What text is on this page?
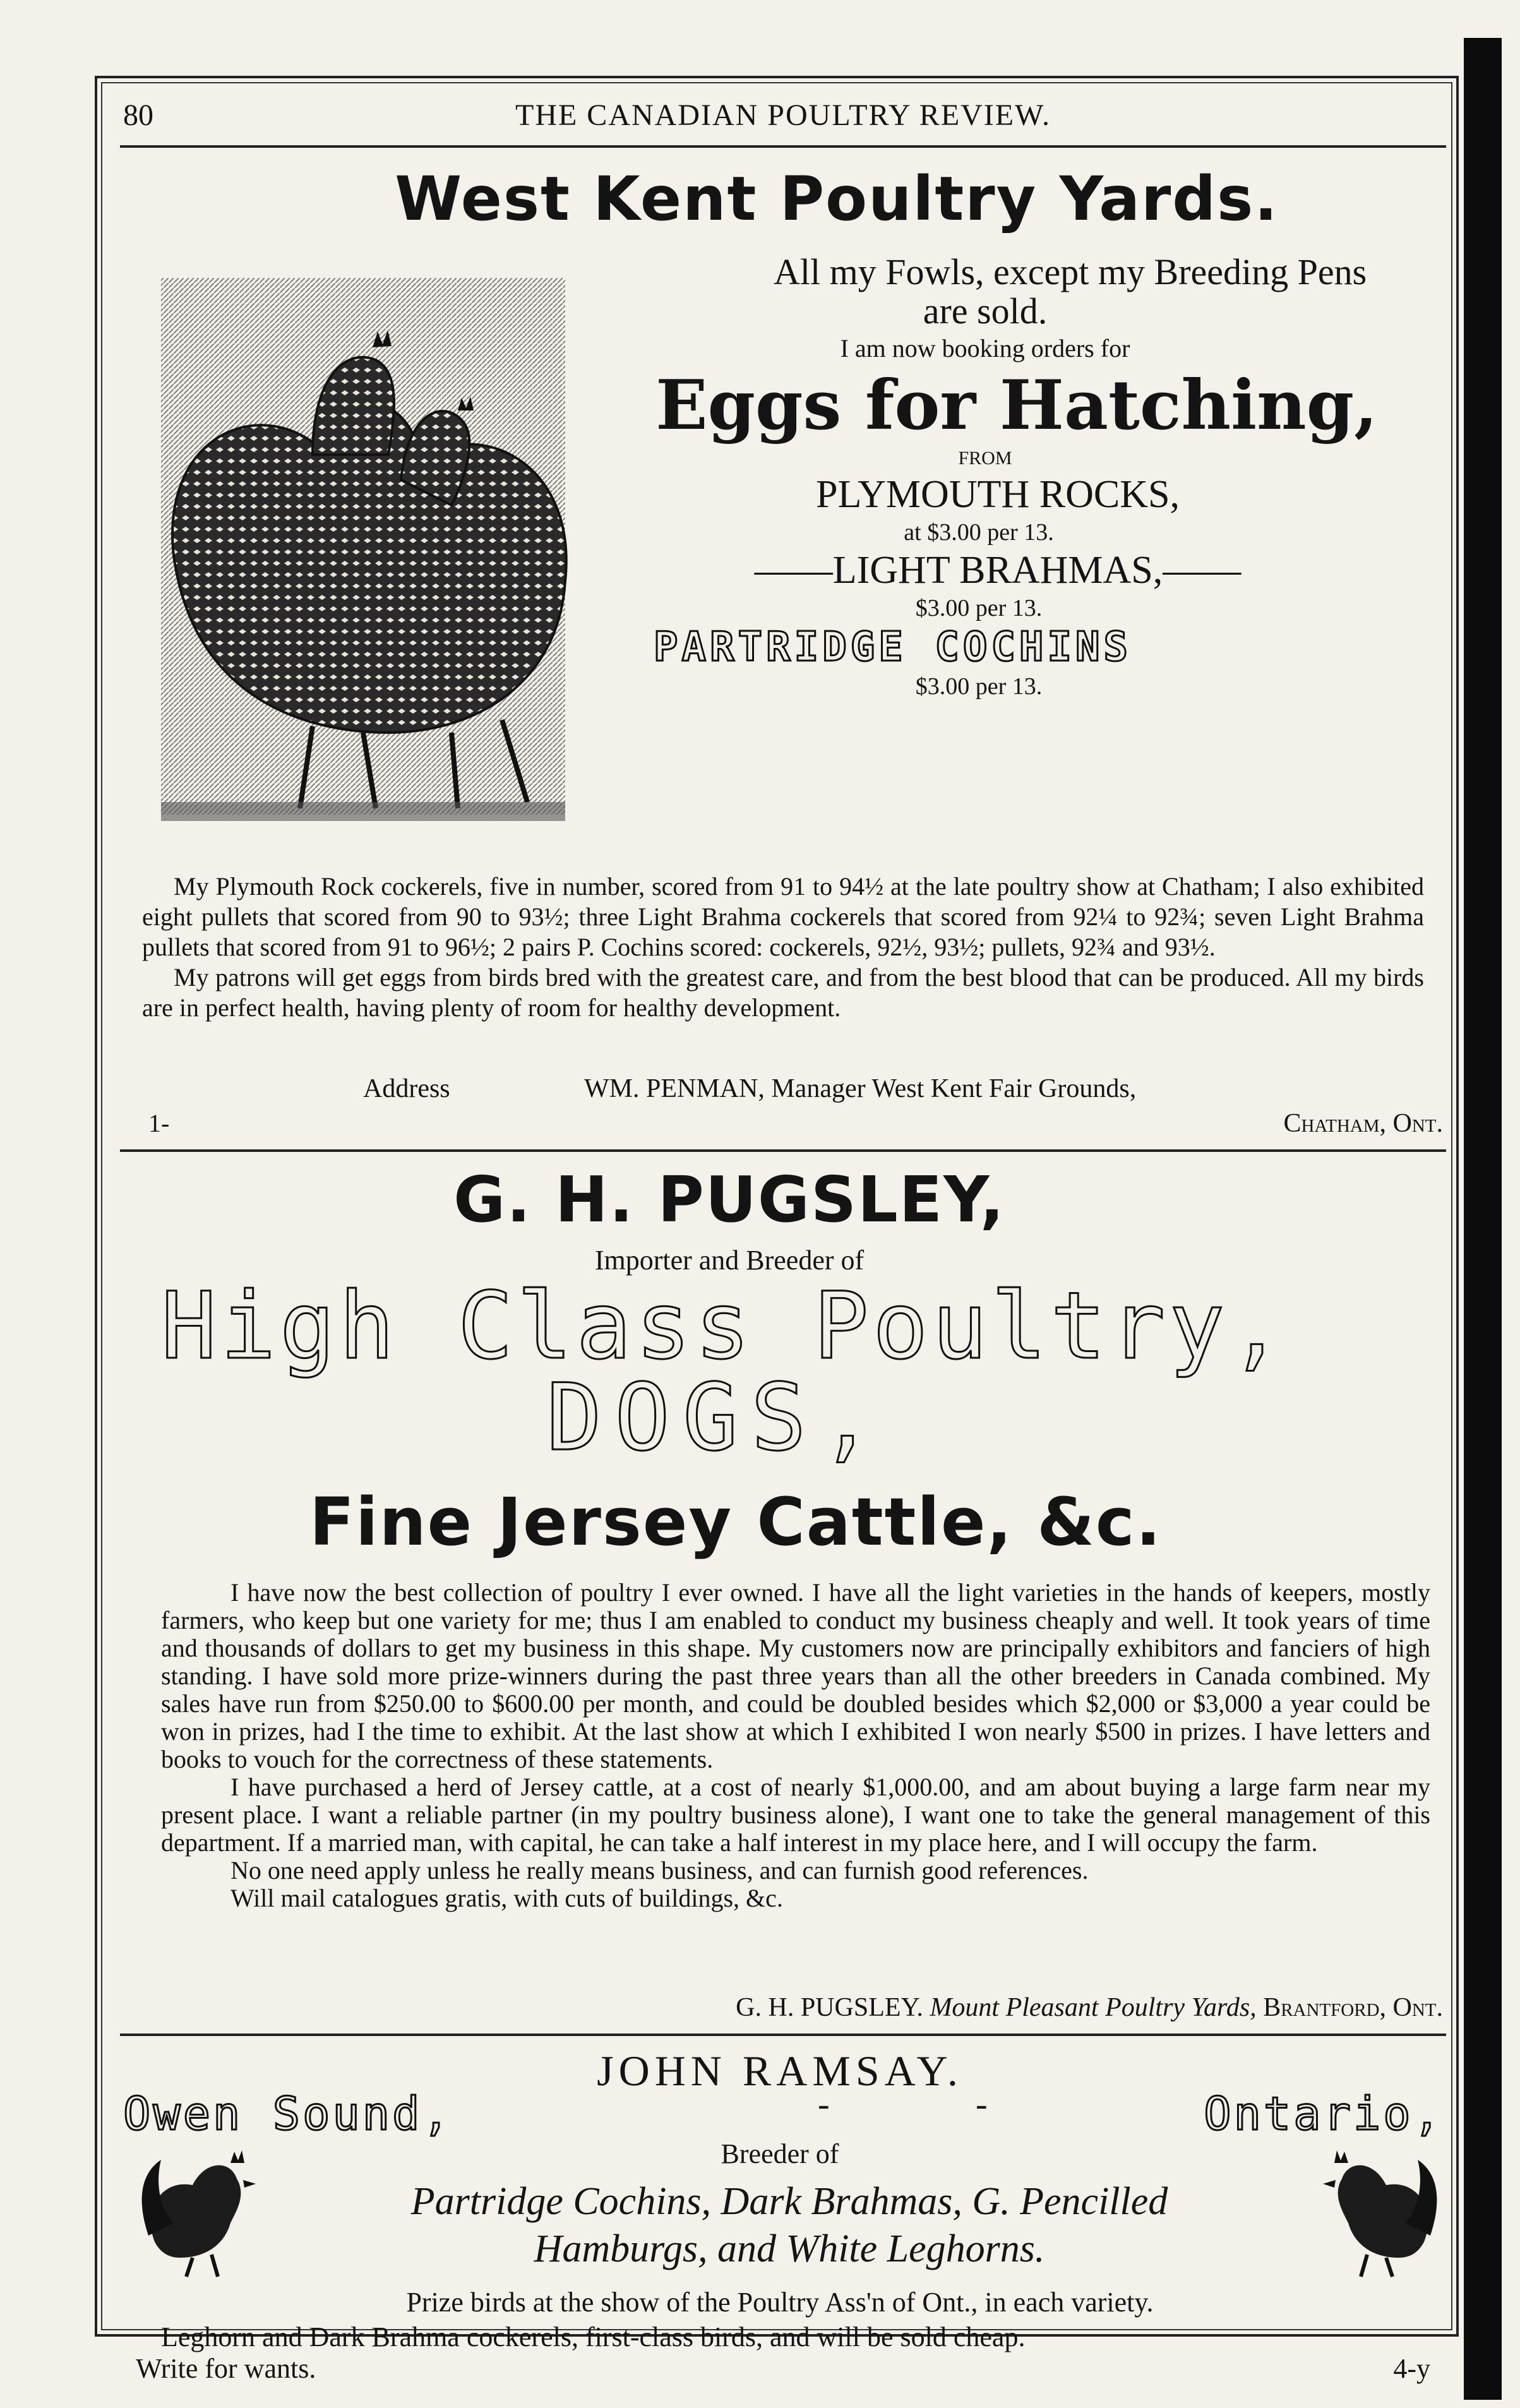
80	THE CANADIAN POULTRY REVIEW.
West Kent Poultry Yards.
All my Fowls, except my Breeding Pens
are sold.
I am now booking orders for
Eggs for Hatching,
FROM
PLYMOUTH ROCKS,
at $3.00 per 13.
——LIGHT BRAHMAS,——
$3.00 per 13.
PARTRIDGE COCHINS
$3.00 per 13.

My Plymouth Rock cockerels, five in number, scored from 91 to 94½ at the late poultry show at Chatham; I also exhibited eight pullets that scored from 90 to 93½; three Light Brahma cockerels that scored from 92¼ to 92¾; seven Light Brahma pullets that scored from 91 to 96½; 2 pairs P. Cochins scored: cockerels, 92½, 93½; pullets, 92¾ and 93½.

My patrons will get eggs from birds bred with the greatest care, and from the best blood that can be produced. All my birds are in perfect health, having plenty of room for healthy development.

Address	WM. PENMAN, Manager West Kent Fair Grounds,
1-	Chatham, Ont.
G. H. PUGSLEY,
Importer and Breeder of
High Class Poultry,
DOGS,
Fine Jersey Cattle, &c.

I have now the best collection of poultry I ever owned. I have all the light varieties in the hands of keepers, mostly farmers, who keep but one variety for me; thus I am enabled to conduct my business cheaply and well. It took years of time and thousands of dollars to get my business in this shape. My customers now are principally exhibitors and fanciers of high standing. I have sold more prize-winners during the past three years than all the other breeders in Canada combined. My sales have run from $250.00 to $600.00 per month, and could be doubled besides which $2,000 or $3,000 a year could be won in prizes, had I the time to exhibit. At the last show at which I exhibited I won nearly $500 in prizes. I have letters and books to vouch for the correctness of these statements.

I have purchased a herd of Jersey cattle, at a cost of nearly $1,000.00, and am about buying a large farm near my present place. I want a reliable partner (in my poultry business alone), I want one to take the general management of this department. If a married man, with capital, he can take a half interest in my place here, and I will occupy the farm.

No one need apply unless he really means business, and can furnish good references.

Will mail catalogues gratis, with cuts of buildings, &c.

G. H. PUGSLEY. Mount Pleasant Poultry Yards, Brantford, Ont.
JOHN RAMSAY.
Owen Sound,	-	-	Ontario,
Breeder of
Partridge Cochins, Dark Brahmas, G. Pencilled
Hamburgs, and White Leghorns.
Prize birds at the show of the Poultry Ass'n of Ont., in each variety.
Leghorn and Dark Brahma cockerels, first-class birds, and will be sold cheap.
Write for wants.	4-y
